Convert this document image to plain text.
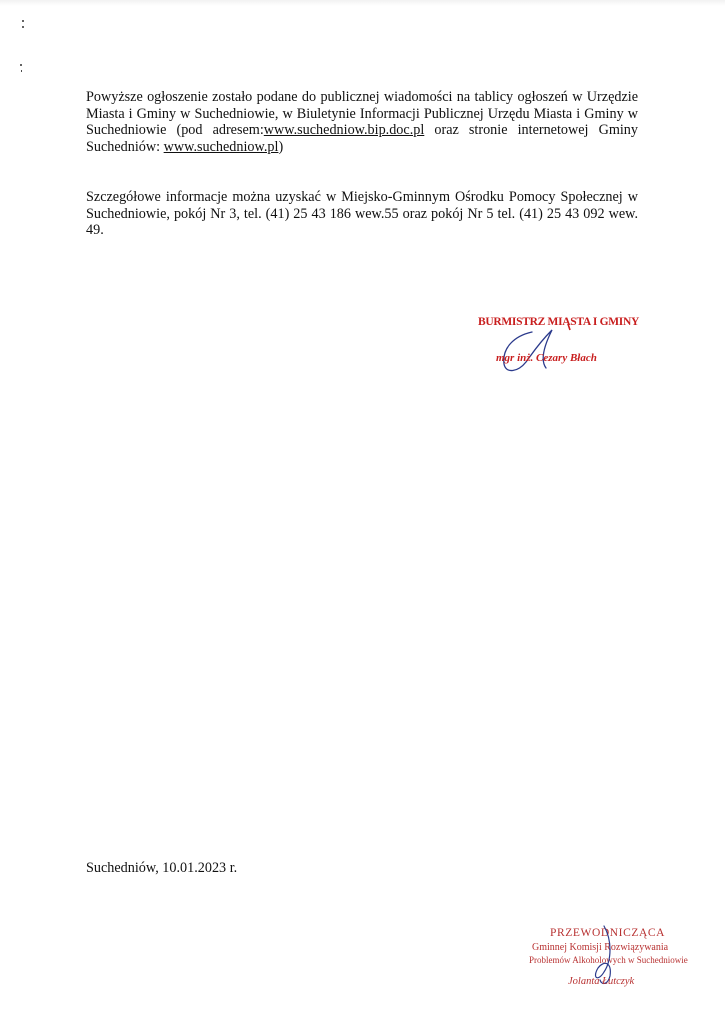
Powyższe ogłoszenie zostało podane do publicznej wiadomości na tablicy ogłoszeń w Urzędzie Miasta i Gminy w Suchedniowie, w Biuletynie Informacji Publicznej Urzędu Miasta i Gminy w Suchedniowie (pod adresem:www.suchedniow.bip.doc.pl oraz stronie internetowej Gminy Suchedniów: www.suchedniow.pl)

Szczegółowe informacje można uzyskać w Miejsko-Gminnym Ośrodku Pomocy Społecznej w Suchedniowie, pokój Nr 3, tel. (41) 25 43 186 wew.55 oraz pokój Nr 5 tel. (41) 25 43 092 wew. 49.

BURMISTRZ MIASTA I GMINY
mgr inż. Cezary Błach

Suchedniów, 10.01.2023 r.

PRZEWODNICZĄCA
Gminnej Komisji Rozwiązywania
Problemów Alkoholowych w Suchedniowie
Jolanta Łutczyk
